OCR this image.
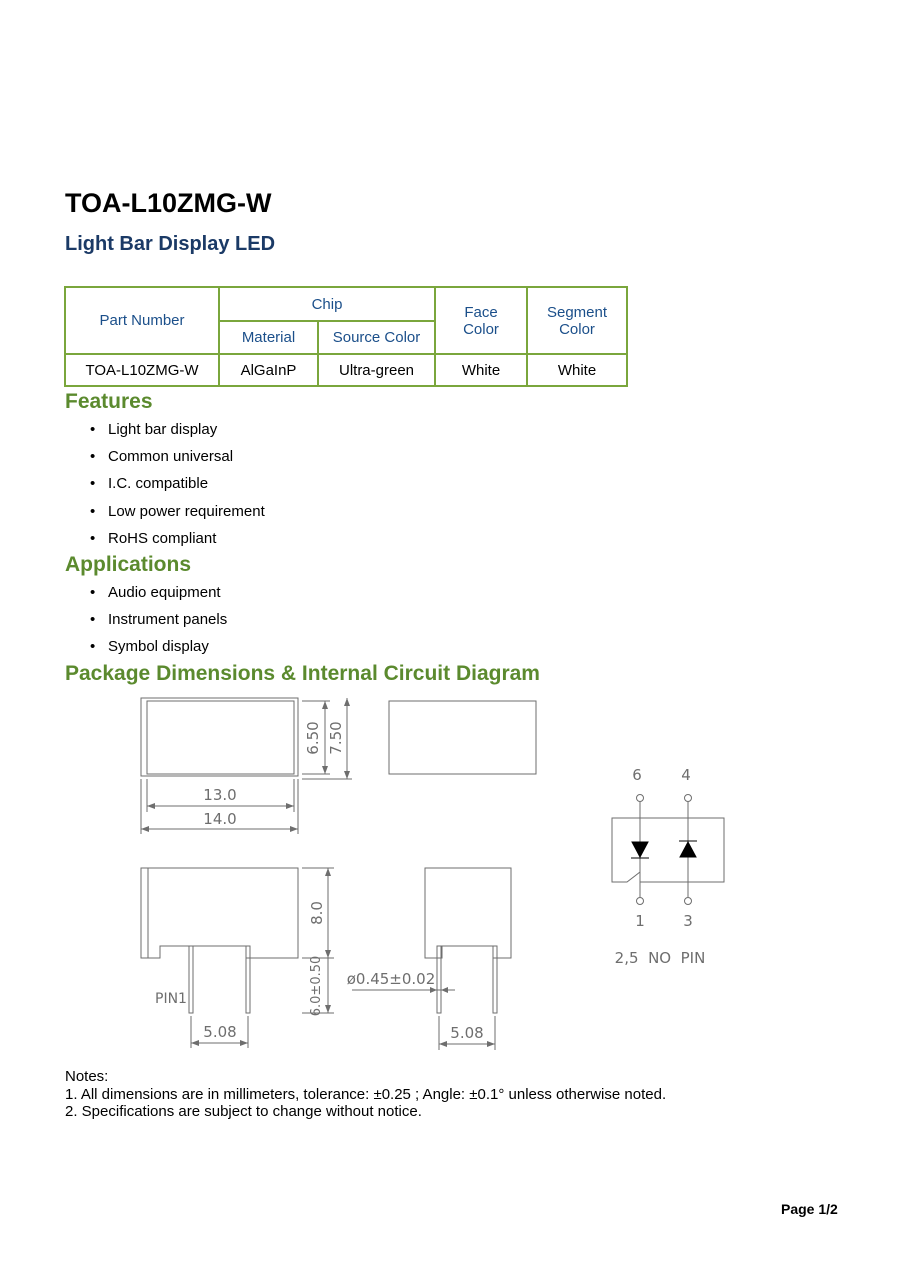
TOA-L10ZMG-W
Light Bar Display LED
Part Number	Chip		Face Color	Segment Color
	Material	Source Color		
TOA-L10ZMG-W	AlGaInP	Ultra-green	White	White
Features
• Light bar display
• Common universal
• I.C. compatible
• Low power requirement
• RoHS compliant
Applications
• Audio equipment
• Instrument panels
• Symbol display
Package Dimensions & Internal Circuit Diagram
6.50 7.50
13.0
14.0
PIN1
8.0
6.0±0.50
5.08
ø0.45±0.02
5.08
6	4
1	3
2,5  NO  PIN
Notes:
1. All dimensions are in millimeters, tolerance: ±0.25 ; Angle: ±0.1° unless otherwise noted.
2. Specifications are subject to change without notice.
Page 1/2
